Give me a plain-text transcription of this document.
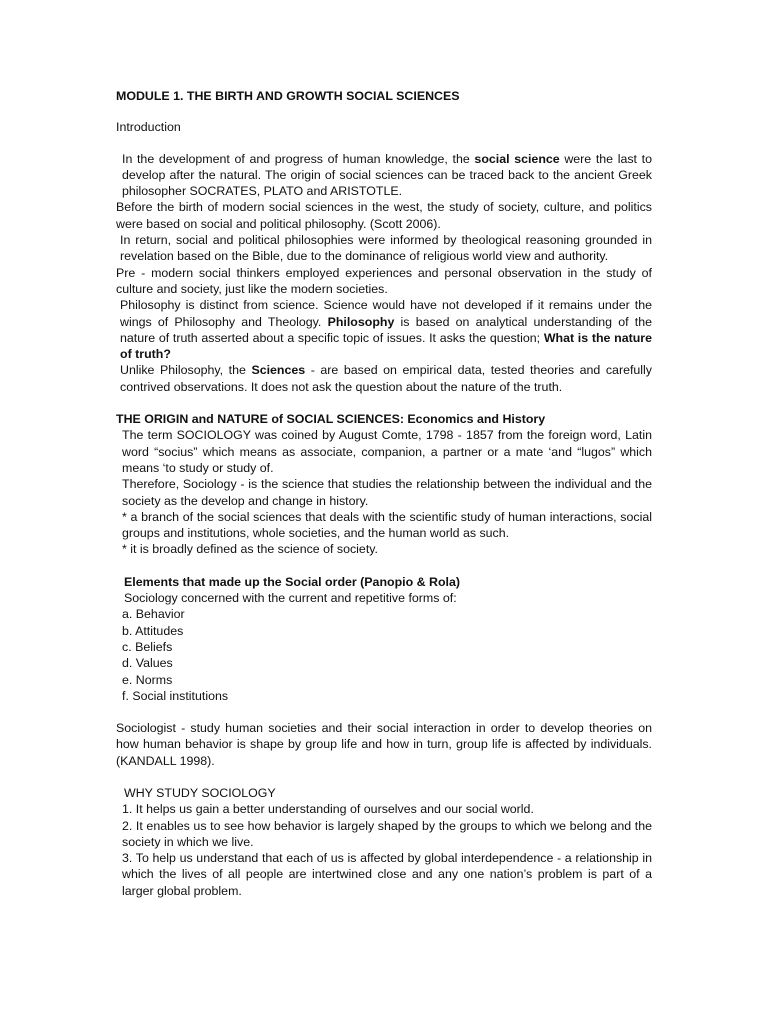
MODULE 1. THE BIRTH AND GROWTH SOCIAL SCIENCES

Introduction

In the development of and progress of human knowledge, the social science were the last to develop after the natural. The origin of social sciences can be traced back to the ancient Greek philosopher SOCRATES, PLATO and ARISTOTLE.

Before the birth of modern social sciences in the west, the study of society, culture, and politics were based on social and political philosophy. (Scott 2006).

In return, social and political philosophies were informed by theological reasoning grounded in revelation based on the Bible, due to the dominance of religious world view and authority.

Pre - modern social thinkers employed experiences and personal observation in the study of culture and society, just like the modern societies.

Philosophy is distinct from science. Science would have not developed if it remains under the wings of Philosophy and Theology. Philosophy is based on analytical understanding of the nature of truth asserted about a specific topic of issues. It asks the question; What is the nature of truth?

Unlike Philosophy, the Sciences - are based on empirical data, tested theories and carefully contrived observations. It does not ask the question about the nature of the truth.

THE ORIGIN and NATURE of SOCIAL SCIENCES: Economics and History

The term SOCIOLOGY was coined by August Comte, 1798 - 1857 from the foreign word, Latin word “socius” which means as associate, companion, a partner or a mate ‘and “lugos” which means ‘to study or study of.

Therefore, Sociology - is the science that studies the relationship between the individual and the society as the develop and change in history.

* a branch of the social sciences that deals with the scientific study of human interactions, social groups and institutions, whole societies, and the human world as such.

* it is broadly defined as the science of society.

Elements that made up the Social order (Panopio & Rola)

Sociology concerned with the current and repetitive forms of:

a. Behavior
b. Attitudes
c. Beliefs
d. Values
e. Norms
f. Social institutions

Sociologist - study human societies and their social interaction in order to develop theories on how human behavior is shape by group life and how in turn, group life is affected by individuals. (KANDALL 1998).

WHY STUDY SOCIOLOGY

1. It helps us gain a better understanding of ourselves and our social world.

2. It enables us to see how behavior is largely shaped by the groups to which we belong and the society in which we live.

3. To help us understand that each of us is affected by global interdependence - a relationship in which the lives of all people are intertwined close and any one nation’s problem is part of a larger global problem.
